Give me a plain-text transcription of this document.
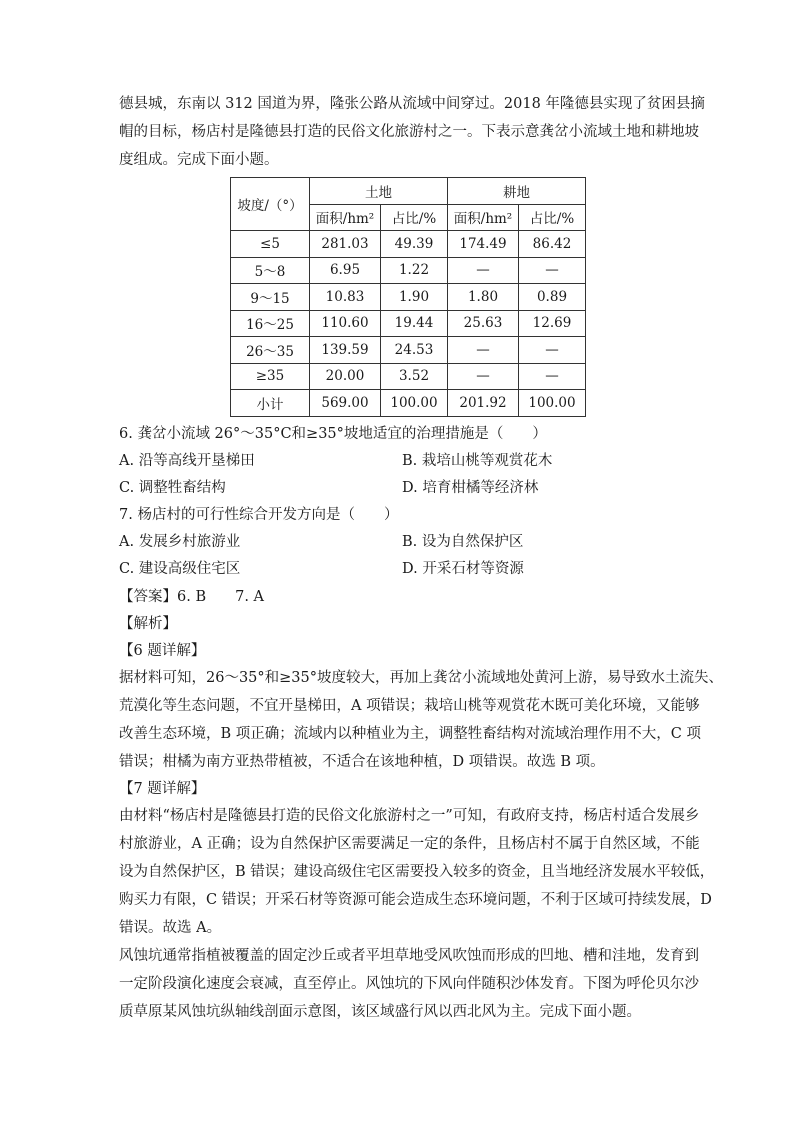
德县城，东南以 312 国道为界，隆张公路从流域中间穿过。2018 年隆德县实现了贫困县摘
帽的目标，杨店村是隆德县打造的民俗文化旅游村之一。下表示意龚岔小流域土地和耕地坡
度组成。完成下面小题。
坡度/（°）	土地		耕地	
	面积/hm²	占比/%	面积/hm²	占比/%
≤5	281.03	49.39	174.49	86.42
5～8	6.95	1.22	—	—
9～15	10.83	1.90	1.80	0.89
16～25	110.60	19.44	25.63	12.69
26～35	139.59	24.53	—	—
≥35	20.00	3.52	—	—
小计	569.00	100.00	201.92	100.00
6. 龚岔小流域 26°～35°C和≥35°坡地适宜的治理措施是（　　）
A. 沿等高线开垦梯田	B. 栽培山桃等观赏花木
C. 调整牲畜结构	D. 培育柑橘等经济林
7. 杨店村的可行性综合开发方向是（　　）
A. 发展乡村旅游业	B. 设为自然保护区
C. 建设高级住宅区	D. 开采石材等资源
【答案】6. B　　7. A
【解析】
【6 题详解】
据材料可知，26～35°和≥35°坡度较大，再加上龚岔小流域地处黄河上游，易导致水土流失、
荒漠化等生态问题，不宜开垦梯田，A 项错误；栽培山桃等观赏花木既可美化环境，又能够
改善生态环境，B 项正确；流域内以种植业为主，调整牲畜结构对流域治理作用不大，C 项
错误；柑橘为南方亚热带植被，不适合在该地种植，D 项错误。故选 B 项。
【7 题详解】
由材料“杨店村是隆德县打造的民俗文化旅游村之一”可知，有政府支持，杨店村适合发展乡
村旅游业，A 正确；设为自然保护区需要满足一定的条件，且杨店村不属于自然区域，不能
设为自然保护区，B 错误；建设高级住宅区需要投入较多的资金，且当地经济发展水平较低，
购买力有限，C 错误；开采石材等资源可能会造成生态环境问题，不利于区域可持续发展，D
错误。故选 A。
风蚀坑通常指植被覆盖的固定沙丘或者平坦草地受风吹蚀而形成的凹地、槽和洼地，发育到
一定阶段演化速度会衰减，直至停止。风蚀坑的下风向伴随积沙体发育。下图为呼伦贝尔沙
质草原某风蚀坑纵轴线剖面示意图，该区域盛行风以西北风为主。完成下面小题。
